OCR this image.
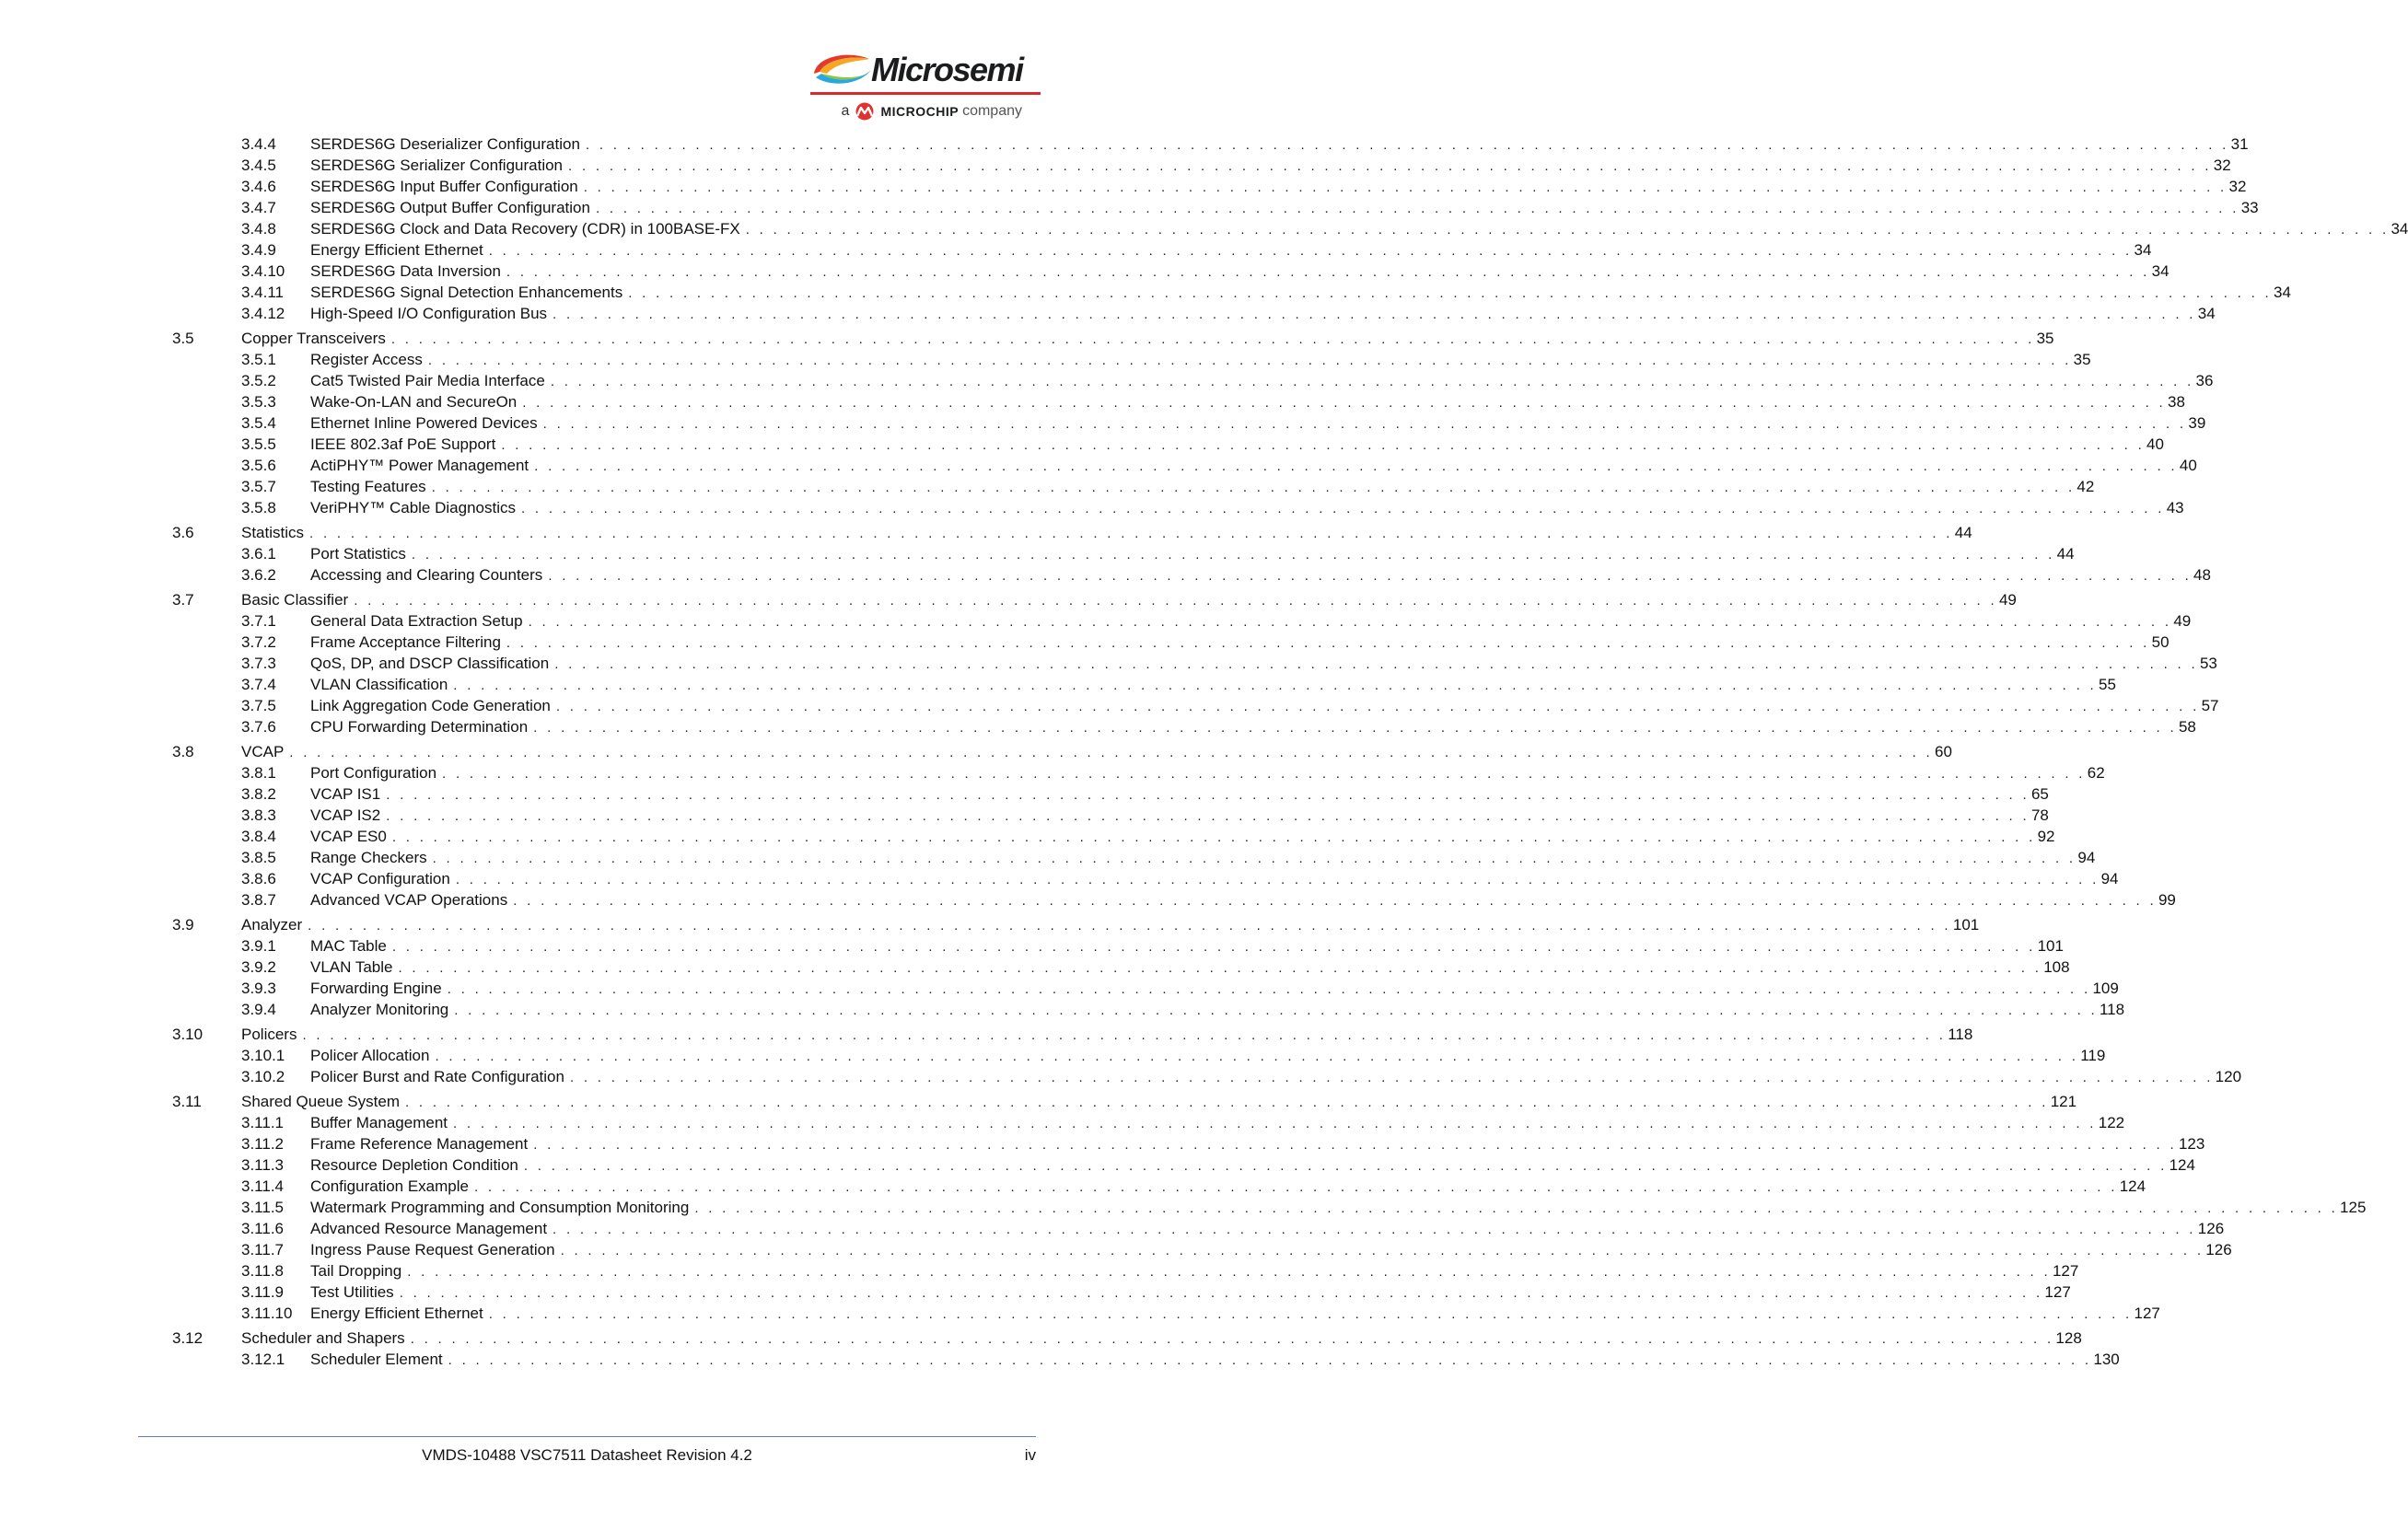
Microsemi
a MICROCHIP company
3.4.4 SERDES6G Deserializer Configuration . . . . . . . . . . . . . . . . . . . . . . . . . . . . . . . . . . . . . . . . . . . . . . . . . . . . . . . . . . . . . . . . . . . . . . . . . . . . . . . . . . . . . . . . . . . . . . . . . . . . . . . . . . . . . . . . . . . . . . . . 31
3.4.5 SERDES6G Serializer Configuration . . . . . . . . . . . . . . . . . . . . . . . . . . . . . . . . . . . . . . . . . . . . . . . . . . . . . . . . . . . . . . . . . . . . . . . . . . . . . . . . . . . . . . . . . . . . . . . . . . . . . . . . . . . . . . . . . . . . . . . . 32
3.4.6 SERDES6G Input Buffer Configuration . . . . . . . . . . . . . . . . . . . . . . . . . . . . . . . . . . . . . . . . . . . . . . . . . . . . . . . . . . . . . . . . . . . . . . . . . . . . . . . . . . . . . . . . . . . . . . . . . . . . . . . . . . . . . . . . . . . . . . . . 32
3.4.7 SERDES6G Output Buffer Configuration . . . . . . . . . . . . . . . . . . . . . . . . . . . . . . . . . . . . . . . . . . . . . . . . . . . . . . . . . . . . . . . . . . . . . . . . . . . . . . . . . . . . . . . . . . . . . . . . . . . . . . . . . . . . . . . . . . . . . . . . 33
3.4.8 SERDES6G Clock and Data Recovery (CDR) in 100BASE-FX . . . . . . . . . . . . . . . . . . . . . . . . . . . . . . . . . . . . . . . . . . . . . . . . . . . . . . . . . . . . . . . . . . . . . . . . . . . . . . . . . . . . . . . . . . . . . . . . . . . . . . . . . . . . . . . . . . . . . . . . 34
3.4.9 Energy Efficient Ethernet . . . . . . . . . . . . . . . . . . . . . . . . . . . . . . . . . . . . . . . . . . . . . . . . . . . . . . . . . . . . . . . . . . . . . . . . . . . . . . . . . . . . . . . . . . . . . . . . . . . . . . . . . . . . . . . . . . . . . . . . 34
3.4.10 SERDES6G Data Inversion . . . . . . . . . . . . . . . . . . . . . . . . . . . . . . . . . . . . . . . . . . . . . . . . . . . . . . . . . . . . . . . . . . . . . . . . . . . . . . . . . . . . . . . . . . . . . . . . . . . . . . . . . . . . . . . . . . . . . . . . 34
3.4.11 SERDES6G Signal Detection Enhancements . . . . . . . . . . . . . . . . . . . . . . . . . . . . . . . . . . . . . . . . . . . . . . . . . . . . . . . . . . . . . . . . . . . . . . . . . . . . . . . . . . . . . . . . . . . . . . . . . . . . . . . . . . . . . . . . . . . . . . . . 34
3.4.12 High-Speed I/O Configuration Bus . . . . . . . . . . . . . . . . . . . . . . . . . . . . . . . . . . . . . . . . . . . . . . . . . . . . . . . . . . . . . . . . . . . . . . . . . . . . . . . . . . . . . . . . . . . . . . . . . . . . . . . . . . . . . . . . . . . . . . . . 34
3.5	Copper Transceivers . . . . . . . . . . . . . . . . . . . . . . . . . . . . . . . . . . . . . . . . . . . . . . . . . . . . . . . . . . . . . . . . . . . . . . . . . . . . . . . . . . . . . . . . . . . . . . . . . . . . . . . . . . . . . . . . . . . . . . . . 35
3.5.1 Register Access . . . . . . . . . . . . . . . . . . . . . . . . . . . . . . . . . . . . . . . . . . . . . . . . . . . . . . . . . . . . . . . . . . . . . . . . . . . . . . . . . . . . . . . . . . . . . . . . . . . . . . . . . . . . . . . . . . . . . . . . 35
3.5.2 Cat5 Twisted Pair Media Interface . . . . . . . . . . . . . . . . . . . . . . . . . . . . . . . . . . . . . . . . . . . . . . . . . . . . . . . . . . . . . . . . . . . . . . . . . . . . . . . . . . . . . . . . . . . . . . . . . . . . . . . . . . . . . . . . . . . . . . . . 36
3.5.3 Wake-On-LAN and SecureOn . . . . . . . . . . . . . . . . . . . . . . . . . . . . . . . . . . . . . . . . . . . . . . . . . . . . . . . . . . . . . . . . . . . . . . . . . . . . . . . . . . . . . . . . . . . . . . . . . . . . . . . . . . . . . . . . . . . . . . . . 38
3.5.4 Ethernet Inline Powered Devices . . . . . . . . . . . . . . . . . . . . . . . . . . . . . . . . . . . . . . . . . . . . . . . . . . . . . . . . . . . . . . . . . . . . . . . . . . . . . . . . . . . . . . . . . . . . . . . . . . . . . . . . . . . . . . . . . . . . . . . . 39
3.5.5 IEEE 802.3af PoE Support . . . . . . . . . . . . . . . . . . . . . . . . . . . . . . . . . . . . . . . . . . . . . . . . . . . . . . . . . . . . . . . . . . . . . . . . . . . . . . . . . . . . . . . . . . . . . . . . . . . . . . . . . . . . . . . . . . . . . . . . 40
3.5.6 ActiPHY™ Power Management . . . . . . . . . . . . . . . . . . . . . . . . . . . . . . . . . . . . . . . . . . . . . . . . . . . . . . . . . . . . . . . . . . . . . . . . . . . . . . . . . . . . . . . . . . . . . . . . . . . . . . . . . . . . . . . . . . . . . . . . 40
3.5.7 Testing Features . . . . . . . . . . . . . . . . . . . . . . . . . . . . . . . . . . . . . . . . . . . . . . . . . . . . . . . . . . . . . . . . . . . . . . . . . . . . . . . . . . . . . . . . . . . . . . . . . . . . . . . . . . . . . . . . . . . . . . . . 42
3.5.8 VeriPHY™ Cable Diagnostics . . . . . . . . . . . . . . . . . . . . . . . . . . . . . . . . . . . . . . . . . . . . . . . . . . . . . . . . . . . . . . . . . . . . . . . . . . . . . . . . . . . . . . . . . . . . . . . . . . . . . . . . . . . . . . . . . . . . . . . . 43
3.6	Statistics . . . . . . . . . . . . . . . . . . . . . . . . . . . . . . . . . . . . . . . . . . . . . . . . . . . . . . . . . . . . . . . . . . . . . . . . . . . . . . . . . . . . . . . . . . . . . . . . . . . . . . . . . . . . . . . . . . . . . . . . 44
3.6.1 Port Statistics . . . . . . . . . . . . . . . . . . . . . . . . . . . . . . . . . . . . . . . . . . . . . . . . . . . . . . . . . . . . . . . . . . . . . . . . . . . . . . . . . . . . . . . . . . . . . . . . . . . . . . . . . . . . . . . . . . . . . . . . 44
3.6.2 Accessing and Clearing Counters . . . . . . . . . . . . . . . . . . . . . . . . . . . . . . . . . . . . . . . . . . . . . . . . . . . . . . . . . . . . . . . . . . . . . . . . . . . . . . . . . . . . . . . . . . . . . . . . . . . . . . . . . . . . . . . . . . . . . . . . 48
3.7	Basic Classifier . . . . . . . . . . . . . . . . . . . . . . . . . . . . . . . . . . . . . . . . . . . . . . . . . . . . . . . . . . . . . . . . . . . . . . . . . . . . . . . . . . . . . . . . . . . . . . . . . . . . . . . . . . . . . . . . . . . . . . . . 49
3.7.1 General Data Extraction Setup . . . . . . . . . . . . . . . . . . . . . . . . . . . . . . . . . . . . . . . . . . . . . . . . . . . . . . . . . . . . . . . . . . . . . . . . . . . . . . . . . . . . . . . . . . . . . . . . . . . . . . . . . . . . . . . . . . . . . . . . 49
3.7.2 Frame Acceptance Filtering . . . . . . . . . . . . . . . . . . . . . . . . . . . . . . . . . . . . . . . . . . . . . . . . . . . . . . . . . . . . . . . . . . . . . . . . . . . . . . . . . . . . . . . . . . . . . . . . . . . . . . . . . . . . . . . . . . . . . . . . 50
3.7.3 QoS, DP, and DSCP Classification . . . . . . . . . . . . . . . . . . . . . . . . . . . . . . . . . . . . . . . . . . . . . . . . . . . . . . . . . . . . . . . . . . . . . . . . . . . . . . . . . . . . . . . . . . . . . . . . . . . . . . . . . . . . . . . . . . . . . . . . 53
3.7.4 VLAN Classification . . . . . . . . . . . . . . . . . . . . . . . . . . . . . . . . . . . . . . . . . . . . . . . . . . . . . . . . . . . . . . . . . . . . . . . . . . . . . . . . . . . . . . . . . . . . . . . . . . . . . . . . . . . . . . . . . . . . . . . . 55
3.7.5 Link Aggregation Code Generation . . . . . . . . . . . . . . . . . . . . . . . . . . . . . . . . . . . . . . . . . . . . . . . . . . . . . . . . . . . . . . . . . . . . . . . . . . . . . . . . . . . . . . . . . . . . . . . . . . . . . . . . . . . . . . . . . . . . . . . . 57
3.7.6 CPU Forwarding Determination . . . . . . . . . . . . . . . . . . . . . . . . . . . . . . . . . . . . . . . . . . . . . . . . . . . . . . . . . . . . . . . . . . . . . . . . . . . . . . . . . . . . . . . . . . . . . . . . . . . . . . . . . . . . . . . . . . . . . . . . 58
3.8	VCAP . . . . . . . . . . . . . . . . . . . . . . . . . . . . . . . . . . . . . . . . . . . . . . . . . . . . . . . . . . . . . . . . . . . . . . . . . . . . . . . . . . . . . . . . . . . . . . . . . . . . . . . . . . . . . . . . . . . . . . . . 60
3.8.1 Port Configuration . . . . . . . . . . . . . . . . . . . . . . . . . . . . . . . . . . . . . . . . . . . . . . . . . . . . . . . . . . . . . . . . . . . . . . . . . . . . . . . . . . . . . . . . . . . . . . . . . . . . . . . . . . . . . . . . . . . . . . . . 62
3.8.2 VCAP IS1 . . . . . . . . . . . . . . . . . . . . . . . . . . . . . . . . . . . . . . . . . . . . . . . . . . . . . . . . . . . . . . . . . . . . . . . . . . . . . . . . . . . . . . . . . . . . . . . . . . . . . . . . . . . . . . . . . . . . . . . . 65
3.8.3 VCAP IS2 . . . . . . . . . . . . . . . . . . . . . . . . . . . . . . . . . . . . . . . . . . . . . . . . . . . . . . . . . . . . . . . . . . . . . . . . . . . . . . . . . . . . . . . . . . . . . . . . . . . . . . . . . . . . . . . . . . . . . . . . 78
3.8.4 VCAP ES0 . . . . . . . . . . . . . . . . . . . . . . . . . . . . . . . . . . . . . . . . . . . . . . . . . . . . . . . . . . . . . . . . . . . . . . . . . . . . . . . . . . . . . . . . . . . . . . . . . . . . . . . . . . . . . . . . . . . . . . . . 92
3.8.5 Range Checkers . . . . . . . . . . . . . . . . . . . . . . . . . . . . . . . . . . . . . . . . . . . . . . . . . . . . . . . . . . . . . . . . . . . . . . . . . . . . . . . . . . . . . . . . . . . . . . . . . . . . . . . . . . . . . . . . . . . . . . . . 94
3.8.6 VCAP Configuration . . . . . . . . . . . . . . . . . . . . . . . . . . . . . . . . . . . . . . . . . . . . . . . . . . . . . . . . . . . . . . . . . . . . . . . . . . . . . . . . . . . . . . . . . . . . . . . . . . . . . . . . . . . . . . . . . . . . . . . . 94
3.8.7 Advanced VCAP Operations . . . . . . . . . . . . . . . . . . . . . . . . . . . . . . . . . . . . . . . . . . . . . . . . . . . . . . . . . . . . . . . . . . . . . . . . . . . . . . . . . . . . . . . . . . . . . . . . . . . . . . . . . . . . . . . . . . . . . . . . 99
3.9	Analyzer . . . . . . . . . . . . . . . . . . . . . . . . . . . . . . . . . . . . . . . . . . . . . . . . . . . . . . . . . . . . . . . . . . . . . . . . . . . . . . . . . . . . . . . . . . . . . . . . . . . . . . . . . . . . . . . . . . . . . . . . 101
3.9.1 MAC Table . . . . . . . . . . . . . . . . . . . . . . . . . . . . . . . . . . . . . . . . . . . . . . . . . . . . . . . . . . . . . . . . . . . . . . . . . . . . . . . . . . . . . . . . . . . . . . . . . . . . . . . . . . . . . . . . . . . . . . . . 101
3.9.2 VLAN Table . . . . . . . . . . . . . . . . . . . . . . . . . . . . . . . . . . . . . . . . . . . . . . . . . . . . . . . . . . . . . . . . . . . . . . . . . . . . . . . . . . . . . . . . . . . . . . . . . . . . . . . . . . . . . . . . . . . . . . . . 108
3.9.3 Forwarding Engine . . . . . . . . . . . . . . . . . . . . . . . . . . . . . . . . . . . . . . . . . . . . . . . . . . . . . . . . . . . . . . . . . . . . . . . . . . . . . . . . . . . . . . . . . . . . . . . . . . . . . . . . . . . . . . . . . . . . . . . . 109
3.9.4 Analyzer Monitoring . . . . . . . . . . . . . . . . . . . . . . . . . . . . . . . . . . . . . . . . . . . . . . . . . . . . . . . . . . . . . . . . . . . . . . . . . . . . . . . . . . . . . . . . . . . . . . . . . . . . . . . . . . . . . . . . . . . . . . . . 118
3.10 Policers . . . . . . . . . . . . . . . . . . . . . . . . . . . . . . . . . . . . . . . . . . . . . . . . . . . . . . . . . . . . . . . . . . . . . . . . . . . . . . . . . . . . . . . . . . . . . . . . . . . . . . . . . . . . . . . . . . . . . . . . 118
3.10.1 Policer Allocation . . . . . . . . . . . . . . . . . . . . . . . . . . . . . . . . . . . . . . . . . . . . . . . . . . . . . . . . . . . . . . . . . . . . . . . . . . . . . . . . . . . . . . . . . . . . . . . . . . . . . . . . . . . . . . . . . . . . . . . . 119
3.10.2 Policer Burst and Rate Configuration . . . . . . . . . . . . . . . . . . . . . . . . . . . . . . . . . . . . . . . . . . . . . . . . . . . . . . . . . . . . . . . . . . . . . . . . . . . . . . . . . . . . . . . . . . . . . . . . . . . . . . . . . . . . . . . . . . . . . . . . 120
3.11	Shared Queue System . . . . . . . . . . . . . . . . . . . . . . . . . . . . . . . . . . . . . . . . . . . . . . . . . . . . . . . . . . . . . . . . . . . . . . . . . . . . . . . . . . . . . . . . . . . . . . . . . . . . . . . . . . . . . . . . . . . . . . . . 121
3.11.1 Buffer Management . . . . . . . . . . . . . . . . . . . . . . . . . . . . . . . . . . . . . . . . . . . . . . . . . . . . . . . . . . . . . . . . . . . . . . . . . . . . . . . . . . . . . . . . . . . . . . . . . . . . . . . . . . . . . . . . . . . . . . . . 122
3.11.2 Frame Reference Management . . . . . . . . . . . . . . . . . . . . . . . . . . . . . . . . . . . . . . . . . . . . . . . . . . . . . . . . . . . . . . . . . . . . . . . . . . . . . . . . . . . . . . . . . . . . . . . . . . . . . . . . . . . . . . . . . . . . . . . . 123
3.11.3 Resource Depletion Condition . . . . . . . . . . . . . . . . . . . . . . . . . . . . . . . . . . . . . . . . . . . . . . . . . . . . . . . . . . . . . . . . . . . . . . . . . . . . . . . . . . . . . . . . . . . . . . . . . . . . . . . . . . . . . . . . . . . . . . . . 124
3.11.4 Configuration Example . . . . . . . . . . . . . . . . . . . . . . . . . . . . . . . . . . . . . . . . . . . . . . . . . . . . . . . . . . . . . . . . . . . . . . . . . . . . . . . . . . . . . . . . . . . . . . . . . . . . . . . . . . . . . . . . . . . . . . . . 124
3.11.5 Watermark Programming and Consumption Monitoring . . . . . . . . . . . . . . . . . . . . . . . . . . . . . . . . . . . . . . . . . . . . . . . . . . . . . . . . . . . . . . . . . . . . . . . . . . . . . . . . . . . . . . . . . . . . . . . . . . . . . . . . . . . . . . . . . . . . . . . . 125
3.11.6 Advanced Resource Management . . . . . . . . . . . . . . . . . . . . . . . . . . . . . . . . . . . . . . . . . . . . . . . . . . . . . . . . . . . . . . . . . . . . . . . . . . . . . . . . . . . . . . . . . . . . . . . . . . . . . . . . . . . . . . . . . . . . . . . . 126
3.11.7 Ingress Pause Request Generation . . . . . . . . . . . . . . . . . . . . . . . . . . . . . . . . . . . . . . . . . . . . . . . . . . . . . . . . . . . . . . . . . . . . . . . . . . . . . . . . . . . . . . . . . . . . . . . . . . . . . . . . . . . . . . . . . . . . . . . . 126
3.11.8 Tail Dropping . . . . . . . . . . . . . . . . . . . . . . . . . . . . . . . . . . . . . . . . . . . . . . . . . . . . . . . . . . . . . . . . . . . . . . . . . . . . . . . . . . . . . . . . . . . . . . . . . . . . . . . . . . . . . . . . . . . . . . . . 127
3.11.9 Test Utilities . . . . . . . . . . . . . . . . . . . . . . . . . . . . . . . . . . . . . . . . . . . . . . . . . . . . . . . . . . . . . . . . . . . . . . . . . . . . . . . . . . . . . . . . . . . . . . . . . . . . . . . . . . . . . . . . . . . . . . . . 127
3.11.10 Energy Efficient Ethernet . . . . . . . . . . . . . . . . . . . . . . . . . . . . . . . . . . . . . . . . . . . . . . . . . . . . . . . . . . . . . . . . . . . . . . . . . . . . . . . . . . . . . . . . . . . . . . . . . . . . . . . . . . . . . . . . . . . . . . . . 127
3.12 Scheduler and Shapers . . . . . . . . . . . . . . . . . . . . . . . . . . . . . . . . . . . . . . . . . . . . . . . . . . . . . . . . . . . . . . . . . . . . . . . . . . . . . . . . . . . . . . . . . . . . . . . . . . . . . . . . . . . . . . . . . . . . . . . . 128
3.12.1 Scheduler Element . . . . . . . . . . . . . . . . . . . . . . . . . . . . . . . . . . . . . . . . . . . . . . . . . . . . . . . . . . . . . . . . . . . . . . . . . . . . . . . . . . . . . . . . . . . . . . . . . . . . . . . . . . . . . . . . . . . . . . . . 130
VMDS-10488 VSC7511 Datasheet Revision 4.2	iv
